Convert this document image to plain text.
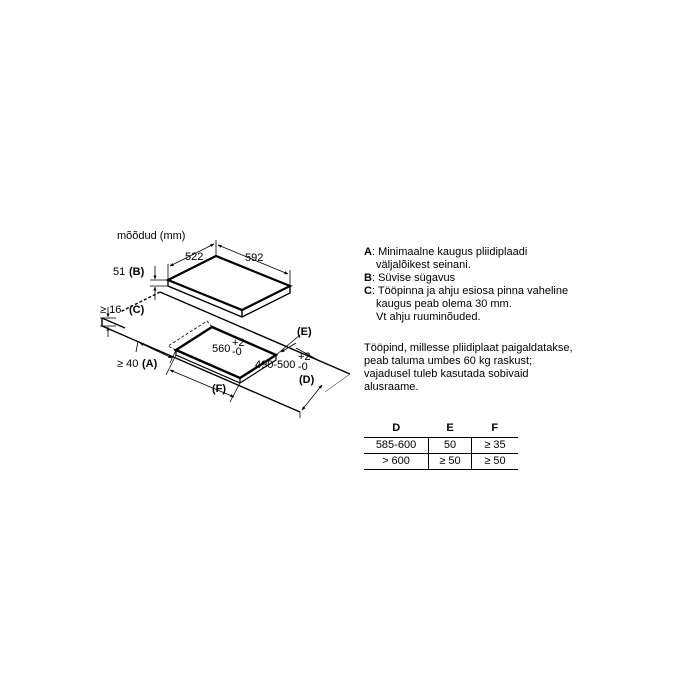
mõõdud (mm)
522	592
51 (B)
560 +2
-0
490-500
+2
-0
≥ 16 (C)
≥ 40 (A)
(E)
(D)
(F)
A : Minimaalne kaugus pliidiplaadi
väljalõikest seinani.
B : Süvise sügavus
C : Tööpinna ja ahju esiosa pinna vaheline
kaugus peab olema 30 mm.
Vt ahju ruuminõuded.
Tööpind, millesse pliidiplaat paigaldatakse,
peab taluma umbes 60 kg raskust;
vajadusel tuleb kasutada sobivaid
alusraame.
D	E	F
585-600	50	≥ 35
> 600	≥ 50	≥ 50
